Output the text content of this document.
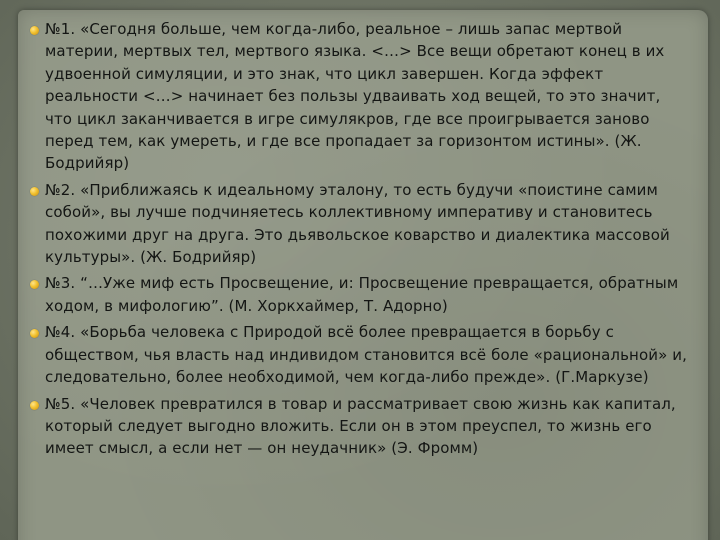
№1. «Сегодня больше, чем когда-либо, реальное – лишь запас мертвой материи, мертвых тел, мертвого языка. <…> Все вещи обретают конец в их удвоенной симуляции, и это знак, что цикл завершен. Когда эффект реальности <…> начинает без пользы удваивать ход вещей, то это значит, что цикл заканчивается в игре симулякров, где все проигрывается заново перед тем, как умереть, и где все пропадает за горизонтом истины». (Ж. Бодрийяр)
№2. «Приближаясь к идеальному эталону, то есть будучи «поистине самим собой», вы лучше подчиняетесь коллективному императиву и становитесь похожими друг на друга. Это дьявольское коварство и диалектика массовой культуры». (Ж. Бодрийяр)
№3. “…Уже миф есть Просвещение, и: Просвещение превращается, обратным ходом, в мифологию”. (М. Хоркхаймер, Т. Адорно)
№4. «Борьба человека с Природой всё более превращается в борьбу с обществом, чья власть над индивидом становится всё боле «рациональной» и, следовательно, более необходимой, чем когда-либо прежде». (Г.Маркузе)
№5. «Человек превратился в товар и рассматривает свою жизнь как капитал, который следует выгодно вложить. Если он в этом преуспел, то жизнь его имеет смысл, а если нет — он неудачник» (Э. Фромм)
